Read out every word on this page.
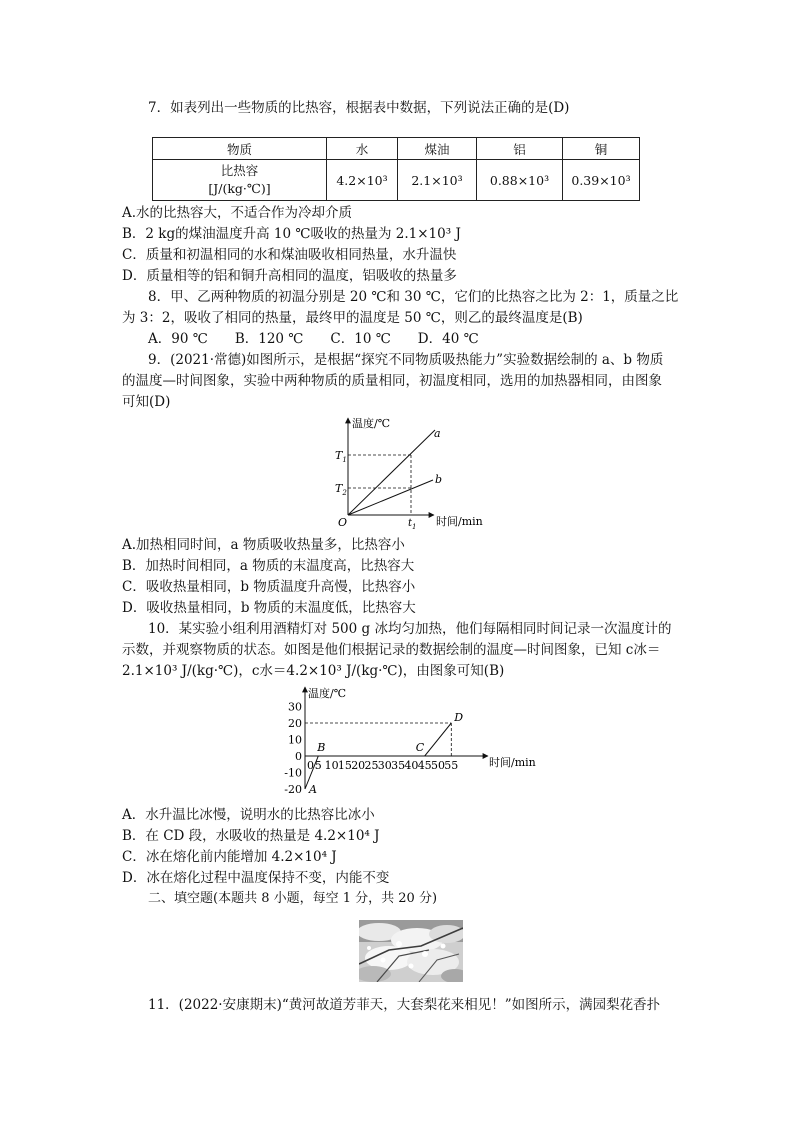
7．如表列出一些物质的比热容，根据表中数据，下列说法正确的是(D)
物质	水	煤油	铝	铜

比热容
[J/(kg·℃)]	4.2×10³	2.1×10³	0.88×10³	0.39×10³
A.水的比热容大，不适合作为冷却介质
B．2 kg的煤油温度升高 10 ℃吸收的热量为 2.1×10³ J
C．质量和初温相同的水和煤油吸收相同热量，水升温快
D．质量相等的铝和铜升高相同的温度，铝吸收的热量多
8．甲、乙两种物质的初温分别是 20 ℃和 30 ℃，它们的比热容之比为 2：1，质量之比
为 3：2，吸收了相同的热量，最终甲的温度是 50 ℃，则乙的最终温度是(B)
A．90 ℃　　B．120 ℃　　C．10 ℃　　D．40 ℃
9．(2021·常德)如图所示，是根据“探究不同物质吸热能力”实验数据绘制的 a、b 物质
的温度—时间图象，实验中两种物质的质量相同，初温度相同，选用的加热器相同，由图象
可知(D)
温度/℃
时间/min
O
$T_1$
$T_2$
$t_1$
a
b
A.加热相同时间，a 物质吸收热量多，比热容小
B．加热时间相同，a 物质的末温度高，比热容大
C．吸收热量相同，b 物质温度升高慢，比热容小
D．吸收热量相同，b 物质的末温度低，比热容大
10．某实验小组利用酒精灯对 500 g 冰均匀加热，他们每隔相同时间记录一次温度计的
示数，并观察物质的状态。如图是他们根据记录的数据绘制的温度—时间图象，已知 c冰＝
2.1×10³ J/(kg·℃)，c水＝4.2×10³ J/(kg·℃)，由图象可知(B)
温度/℃
时间/min
30
20
10
0
-10
-20
0 5 10 15 20 25 30 35 40 45 50 55
A
B	C
D
A．水升温比冰慢，说明水的比热容比冰小
B．在 CD 段，水吸收的热量是 4.2×10⁴ J
C．冰在熔化前内能增加 4.2×10⁴ J
D．冰在熔化过程中温度保持不变，内能不变
二、填空题(本题共 8 小题，每空 1 分，共 20 分)
11．(2022·安康期末)“黄河故道芳菲天，大套梨花来相见！”如图所示，满园梨花香扑
